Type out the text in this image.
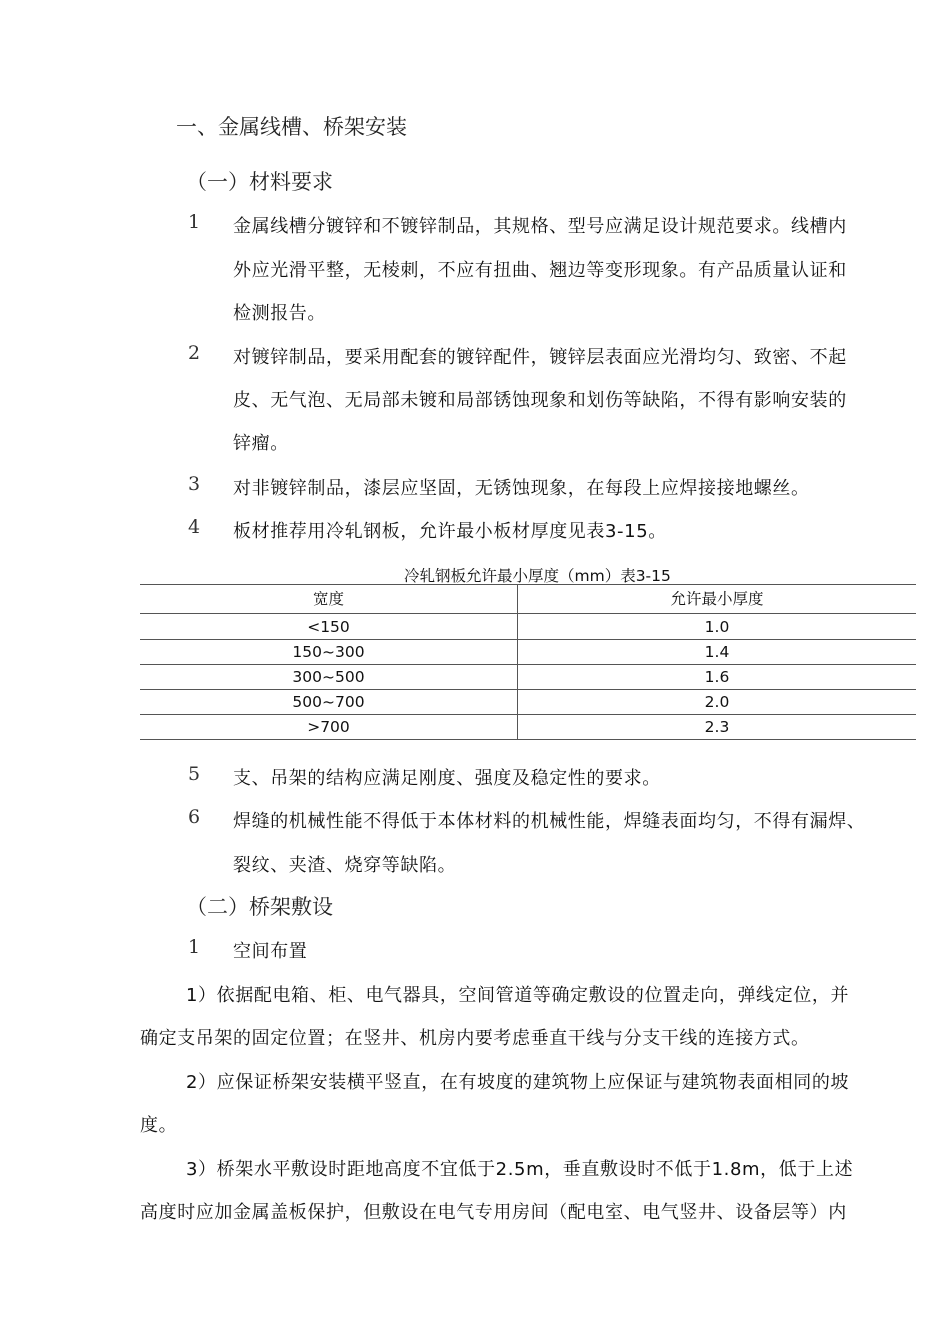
一、金属线槽、桥架安装
（一）材料要求
1 金属线槽分镀锌和不镀锌制品，其规格、型号应满足设计规范要求。线槽内
外应光滑平整，无棱刺，不应有扭曲、翘边等变形现象。有产品质量认证和
检测报告。
2 对镀锌制品，要采用配套的镀锌配件，镀锌层表面应光滑均匀、致密、不起
皮、无气泡、无局部未镀和局部锈蚀现象和划伤等缺陷，不得有影响安装的
锌瘤。
3 对非镀锌制品，漆层应坚固，无锈蚀现象，在每段上应焊接接地螺丝。
4 板材推荐用冷轧钢板，允许最小板材厚度见表3-15。
冷轧钢板允许最小厚度（mm）表3-15
宽度	允许最小厚度
<150	1.0
150~300	1.4
300~500	1.6
500~700	2.0
>700	2.3
5 支、吊架的结构应满足刚度、强度及稳定性的要求。
6 焊缝的机械性能不得低于本体材料的机械性能，焊缝表面均匀，不得有漏焊、
裂纹、夹渣、烧穿等缺陷。
（二）桥架敷设
1 空间布置
1）依据配电箱、柜、电气器具，空间管道等确定敷设的位置走向，弹线定位，并
确定支吊架的固定位置；在竖井、机房内要考虑垂直干线与分支干线的连接方式。
2）应保证桥架安装横平竖直，在有坡度的建筑物上应保证与建筑物表面相同的坡
度。
3）桥架水平敷设时距地高度不宜低于2.5m，垂直敷设时不低于1.8m，低于上述
高度时应加金属盖板保护，但敷设在电气专用房间（配电室、电气竖井、设备层等）内
